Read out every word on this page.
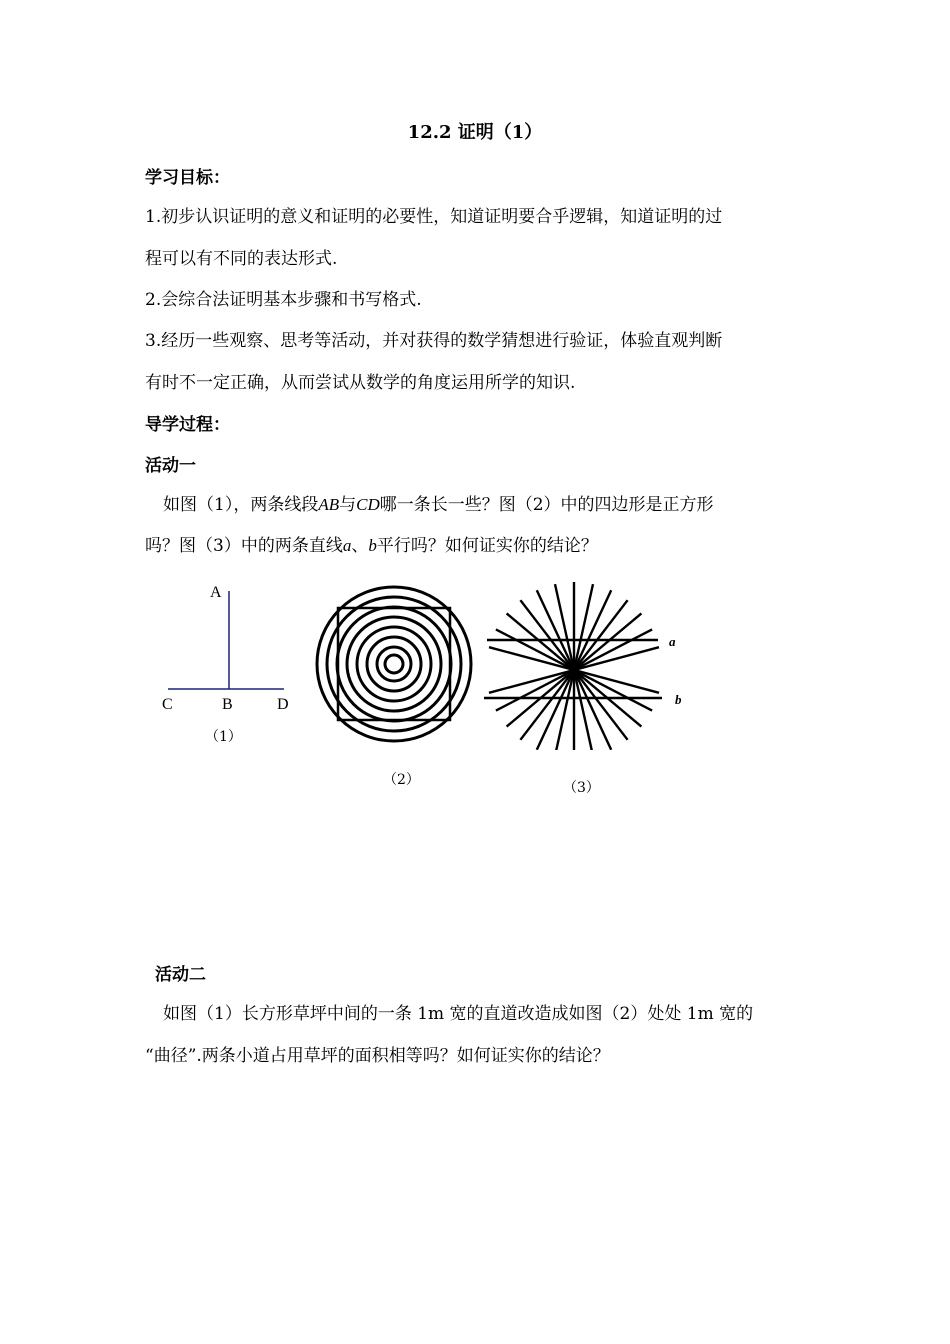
12.2 证明（1）
学习目标：
1.初步认识证明的意义和证明的必要性，知道证明要合乎逻辑，知道证明的过
程可以有不同的表达形式.
2.会综合法证明基本步骤和书写格式.
3.经历一些观察、思考等活动，并对获得的数学猜想进行验证，体验直观判断
有时不一定正确，从而尝试从数学的角度运用所学的知识.
导学过程：
活动一
如图（1），两条线段AB与CD哪一条长一些？图（2）中的四边形是正方形
吗？图（3）中的两条直线a、b平行吗？如何证实你的结论？
A
C	B	D
（1）
（2）
a
b
（3）
活动二
如图（1）长方形草坪中间的一条 1m 宽的直道改造成如图（2）处处 1m 宽的
“曲径”.两条小道占用草坪的面积相等吗？如何证实你的结论？
